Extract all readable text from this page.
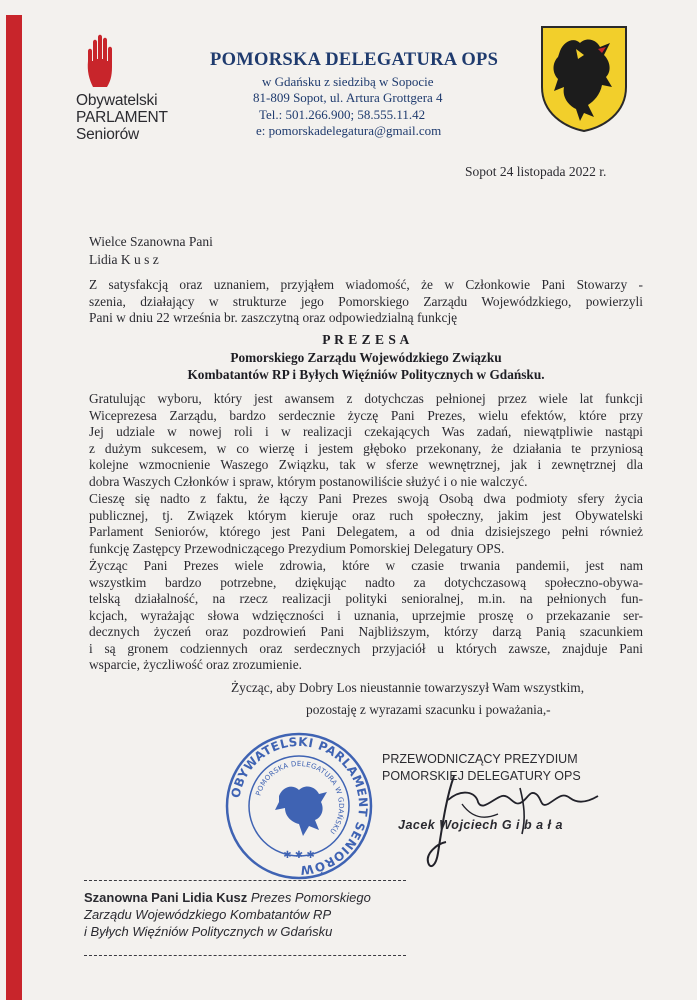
Obywatelski
PARLAMENT
Seniorów
POMORSKA DELEGATURA OPS
w Gdańsku z siedzibą w Sopocie
81-809 Sopot, ul. Artura Grottgera 4
Tel.: 501.266.900; 58.555.11.42
e: pomorskadelegatura@gmail.com
Sopot 24 listopada 2022 r.
Wielce Szanowna Pani
Lidia K u s z
Z satysfakcją oraz uznaniem, przyjąłem wiadomość, że w Członkowie Pani Stowarzy -
szenia, działający w strukturze jego Pomorskiego Zarządu Wojewódzkiego, powierzyli
Pani w dniu 22 września br. zaszczytną oraz odpowiedzialną funkcję
P R E Z E S A
Pomorskiego Zarządu Wojewódzkiego Związku
Kombatantów RP i Byłych Więźniów Politycznych w Gdańsku.
Gratulując wyboru, który jest awansem z dotychczas pełnionej przez wiele lat funkcji
Wiceprezesa Zarządu, bardzo serdecznie życzę Pani Prezes, wielu efektów, które przy
Jej udziale w nowej roli i w realizacji czekających Was zadań, niewątpliwie nastąpi
z dużym sukcesem, w co wierzę i jestem głęboko przekonany, że działania te przyniosą
kolejne wzmocnienie Waszego Związku, tak w sferze wewnętrznej, jak i zewnętrznej dla
dobra Waszych Członków i spraw, którym postanowiliście służyć i o nie walczyć.
Cieszę się nadto z faktu, że łączy Pani Prezes swoją Osobą dwa podmioty sfery życia
publicznej, tj. Związek którym kieruje oraz ruch społeczny, jakim jest Obywatelski
Parlament Seniorów, którego jest Pani Delegatem, a od dnia dzisiejszego pełni również
funkcję Zastępcy Przewodniczącego Prezydium Pomorskiej Delegatury OPS.
Życząc Pani Prezes wiele zdrowia, które w czasie trwania pandemii, jest nam
wszystkim bardzo potrzebne, dziękując nadto za dotychczasową społeczno-obywa-
telską działalność, na rzecz realizacji polityki senioralnej, m.in. na pełnionych fun-
kcjach, wyrażając słowa wdzięczności i uznania, uprzejmie proszę o przekazanie ser-
decznych życzeń oraz pozdrowień Pani Najbliższym, którzy darzą Panią szacunkiem
i są gronem codziennych oraz serdecznych przyjaciół u których zawsze, znajduje Pani
wsparcie, życzliwość oraz zrozumienie.
Życząc, aby Dobry Los nieustannie towarzyszył Wam wszystkim,
pozostaję z wyrazami szacunku i poważania,-
OBYWATELSKI PARLAMENT SENIORÓW
POMORSKA DELEGATURA W GDAŃSKU
✱ ✱ ✱
PRZEWODNICZĄCY PREZYDIUM
POMORSKIEJ DELEGATURY OPS
Jacek Wojciech G i b a ł a
Szanowna Pani Lidia Kusz Prezes Pomorskiego
Zarządu Wojewódzkiego Kombatantów RP
i Byłych Więźniów Politycznych w Gdańsku
